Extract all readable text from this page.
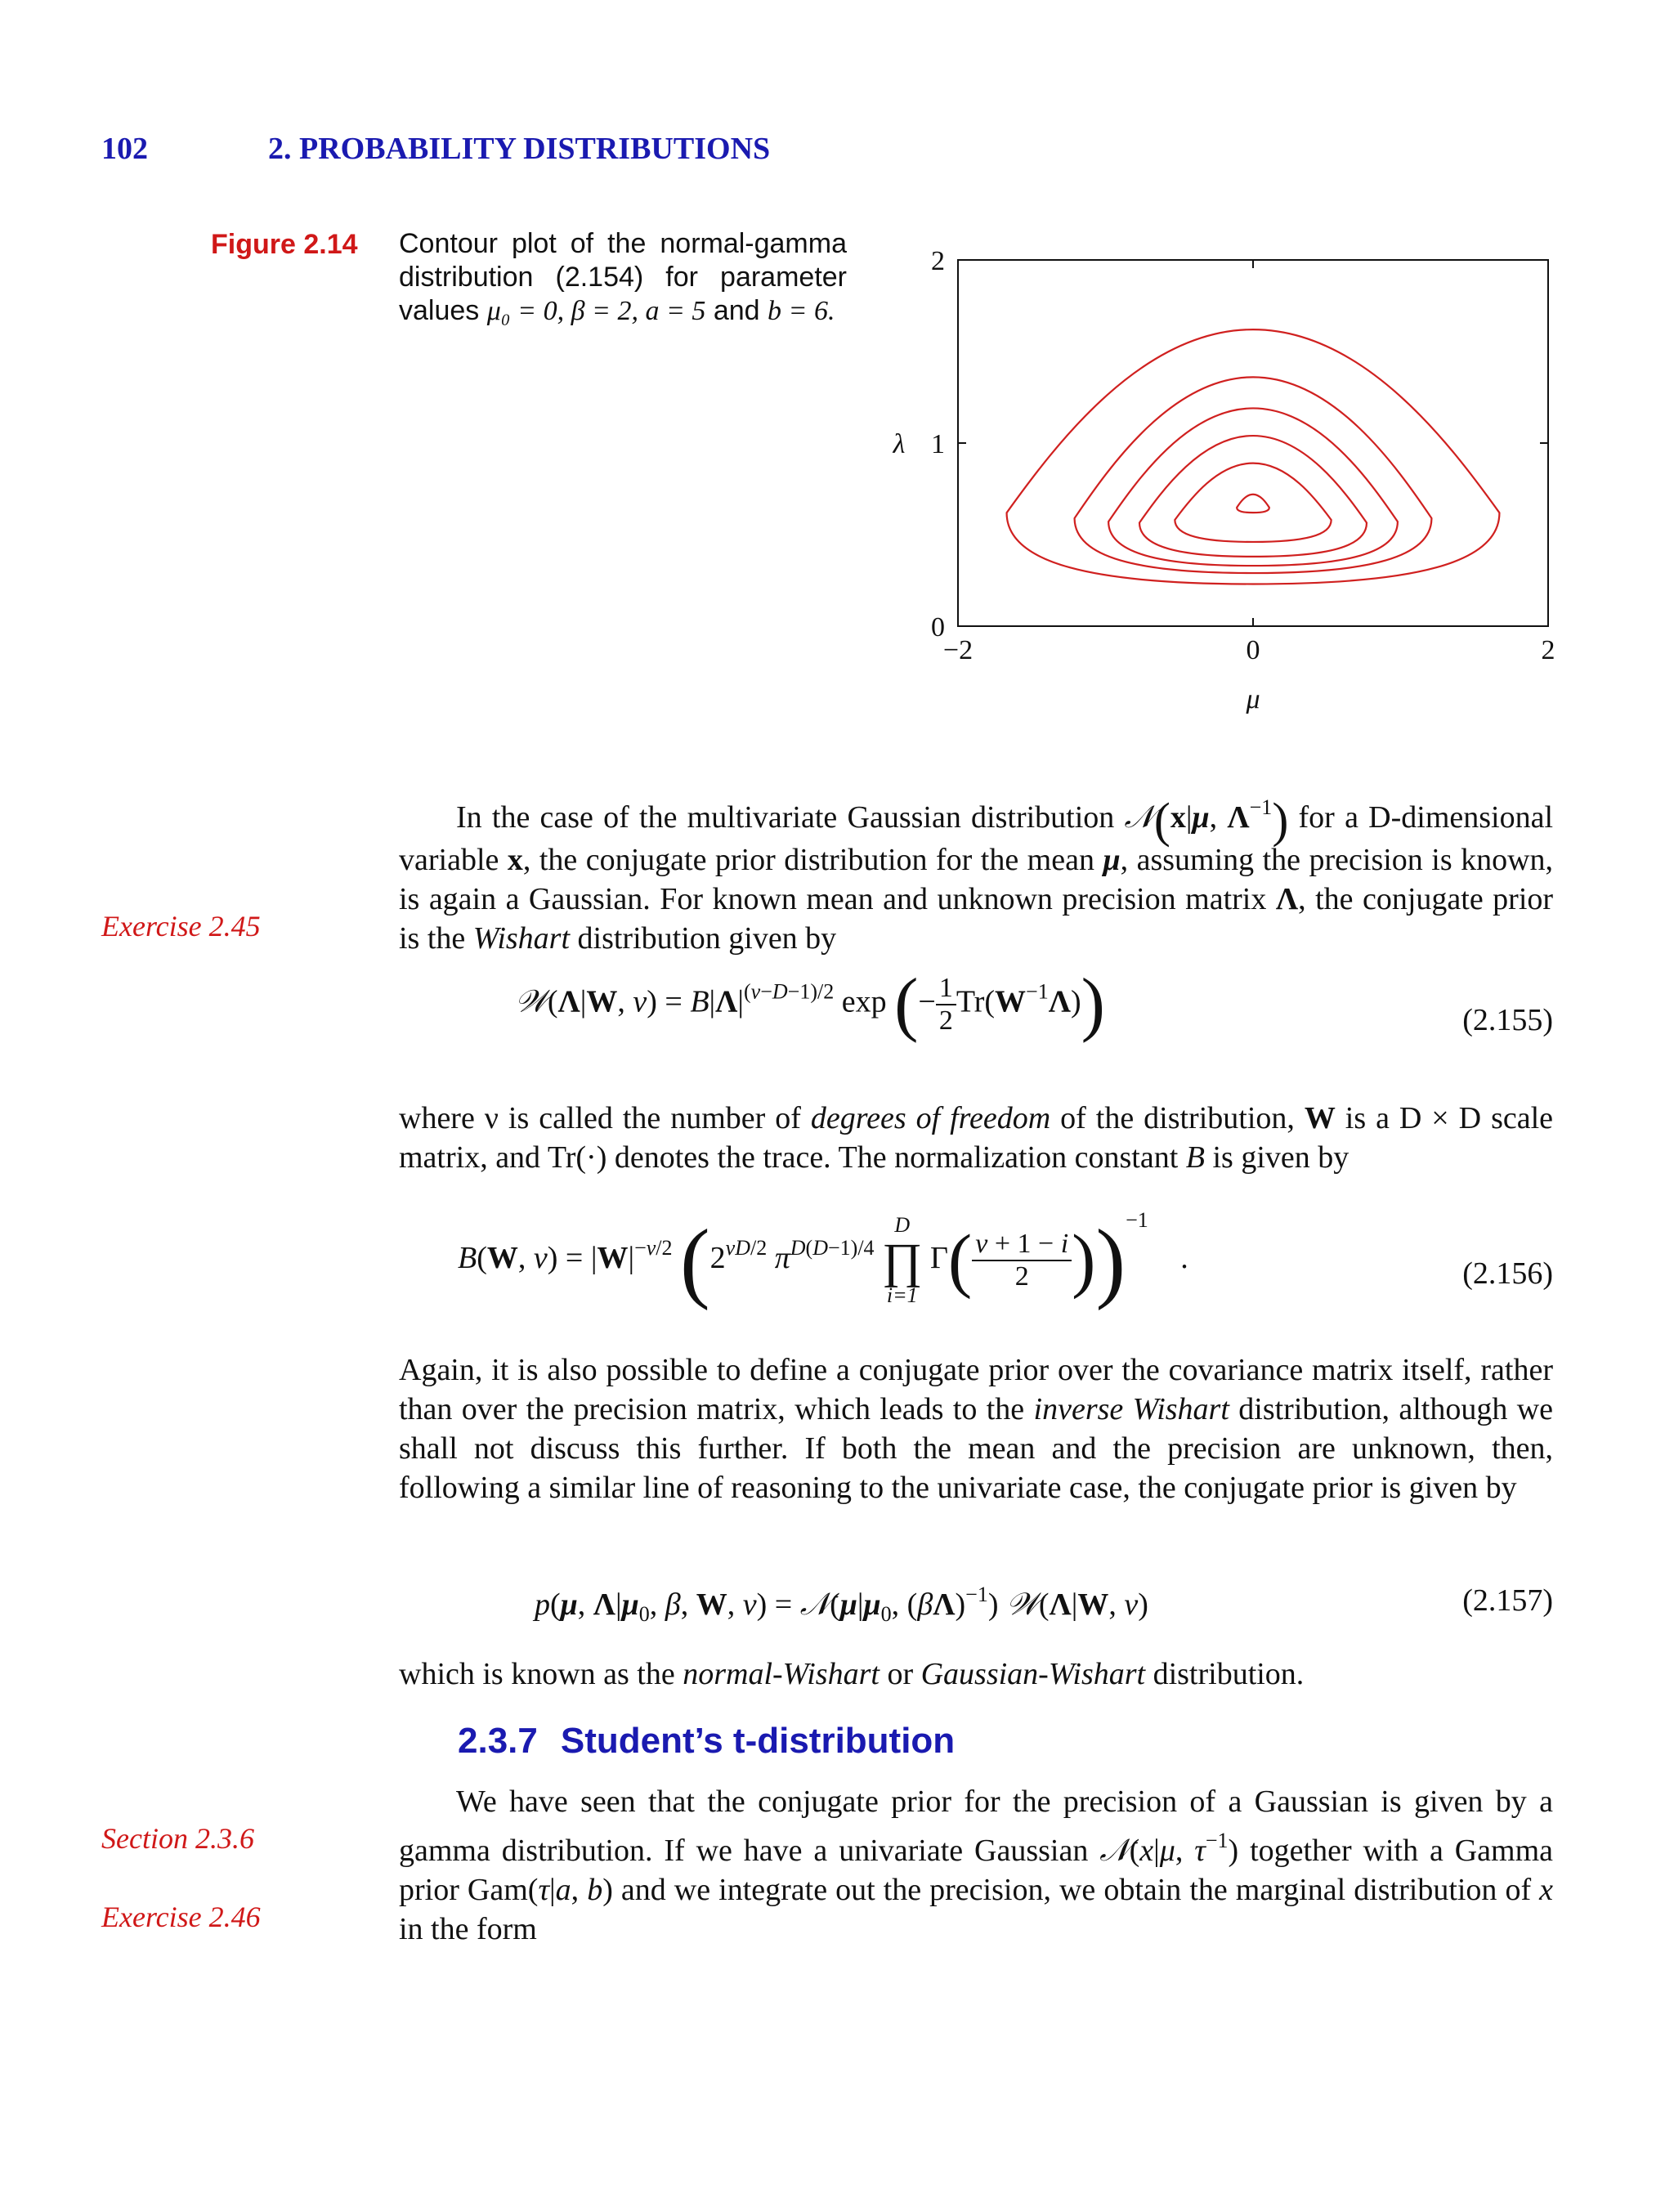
102	2. PROBABILITY DISTRIBUTIONS
Figure 2.14 Contour plot of the normal-gamma distribution (2.154) for parameter values μ₀ = 0, β = 2, a = 5 and b = 6.
−2	0	2
0
1
2
μ
λ
In the case of the multivariate Gaussian distribution 𝒩(x|μ, $\Lambda^{-1}$) for a D-dimensional variable x, the conjugate prior distribution for the mean μ, assuming the precision is known, is again a Gaussian. For known mean and unknown precision matrix Λ, the conjugate prior is the Wishart distribution given by
Exercise 2.45
𝒲(Λ|W, $\nu) = B|\Lambda|^{(\nu-D-1)/2}$ exp (− $\frac{1}{2} Tr(W^{-1}\Lambda)$)	(2.155)
where ν is called the number of degrees of freedom of the distribution, W is a D × D scale matrix, and Tr(·) denotes the trace. The normalization constant B is given by
B(W, $\nu) = |W|^{-\nu/2}$ ($2^{\nu D/2}$ $\pi^{D(D-1)/4}$
D
∏
i=1
$\Gamma( \frac{\nu + 1 - i}{2} ))^{-1}$ .	(2.156)
Again, it is also possible to define a conjugate prior over the covariance matrix itself, rather than over the precision matrix, which leads to the inverse Wishart distribution, although we shall not discuss this further. If both the mean and the precision are unknown, then, following a similar line of reasoning to the univariate case, the conjugate prior is given by
p(μ, $\Lambda|\mu_0$, β, W, $\nu) = 𝒩(\mu|\mu_0$, $(\beta\Lambda)^{-1}$) 𝒲(Λ|W, ν)	(2.157)
which is known as the normal-Wishart or Gaussian-Wishart distribution.
2.3.7 Student’s t-distribution
We have seen that the conjugate prior for the precision of a Gaussian is given by a gamma distribution. If we have a univariate Gaussian 𝒩(x|μ, $\tau^{-1}$) together with a Gamma prior Gam(τ|a, b) and we integrate out the precision, we obtain the marginal distribution of x in the form
Section 2.3.6
Exercise 2.46
